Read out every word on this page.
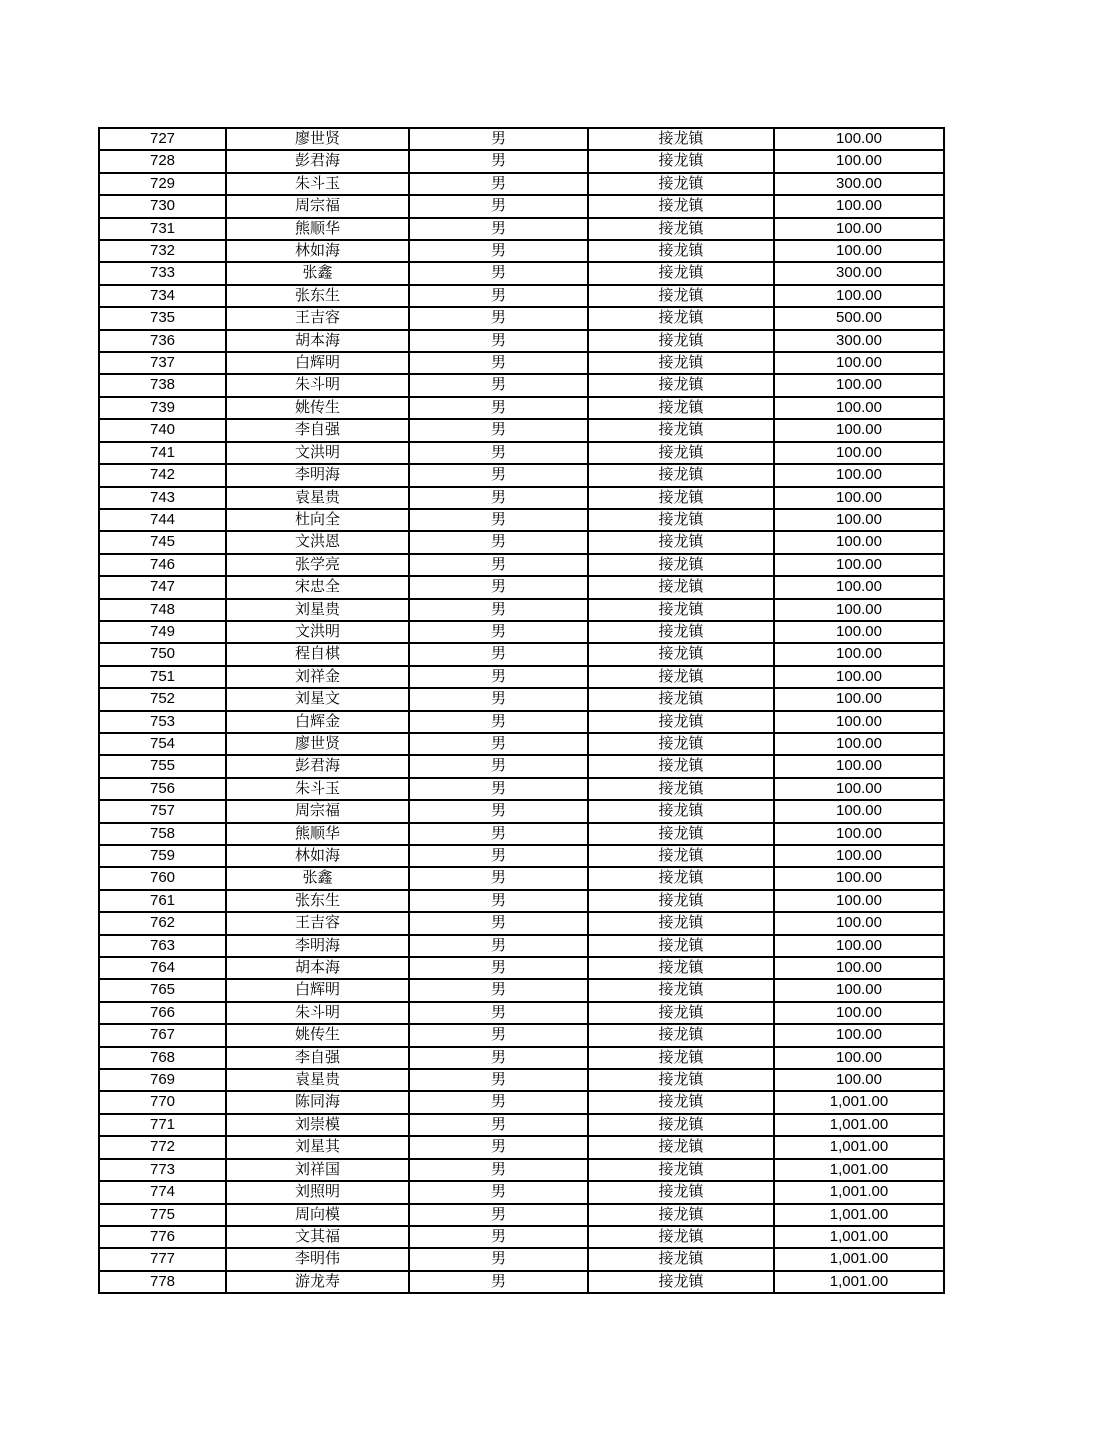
727	廖世贤	男	接龙镇	100.00
728	彭君海	男	接龙镇	100.00
729	朱斗玉	男	接龙镇	300.00
730	周宗福	男	接龙镇	100.00
731	熊顺华	男	接龙镇	100.00
732	林如海	男	接龙镇	100.00
733	张鑫	男	接龙镇	300.00
734	张东生	男	接龙镇	100.00
735	王吉容	男	接龙镇	500.00
736	胡本海	男	接龙镇	300.00
737	白辉明	男	接龙镇	100.00
738	朱斗明	男	接龙镇	100.00
739	姚传生	男	接龙镇	100.00
740	李自强	男	接龙镇	100.00
741	文洪明	男	接龙镇	100.00
742	李明海	男	接龙镇	100.00
743	袁星贵	男	接龙镇	100.00
744	杜向全	男	接龙镇	100.00
745	文洪恩	男	接龙镇	100.00
746	张学亮	男	接龙镇	100.00
747	宋忠全	男	接龙镇	100.00
748	刘星贵	男	接龙镇	100.00
749	文洪明	男	接龙镇	100.00
750	程自棋	男	接龙镇	100.00
751	刘祥金	男	接龙镇	100.00
752	刘星文	男	接龙镇	100.00
753	白辉金	男	接龙镇	100.00
754	廖世贤	男	接龙镇	100.00
755	彭君海	男	接龙镇	100.00
756	朱斗玉	男	接龙镇	100.00
757	周宗福	男	接龙镇	100.00
758	熊顺华	男	接龙镇	100.00
759	林如海	男	接龙镇	100.00
760	张鑫	男	接龙镇	100.00
761	张东生	男	接龙镇	100.00
762	王吉容	男	接龙镇	100.00
763	李明海	男	接龙镇	100.00
764	胡本海	男	接龙镇	100.00
765	白辉明	男	接龙镇	100.00
766	朱斗明	男	接龙镇	100.00
767	姚传生	男	接龙镇	100.00
768	李自强	男	接龙镇	100.00
769	袁星贵	男	接龙镇	100.00
770	陈同海	男	接龙镇	1,001.00
771	刘崇模	男	接龙镇	1,001.00
772	刘星其	男	接龙镇	1,001.00
773	刘祥国	男	接龙镇	1,001.00
774	刘照明	男	接龙镇	1,001.00
775	周向模	男	接龙镇	1,001.00
776	文其福	男	接龙镇	1,001.00
777	李明伟	男	接龙镇	1,001.00
778	游龙寿	男	接龙镇	1,001.00
